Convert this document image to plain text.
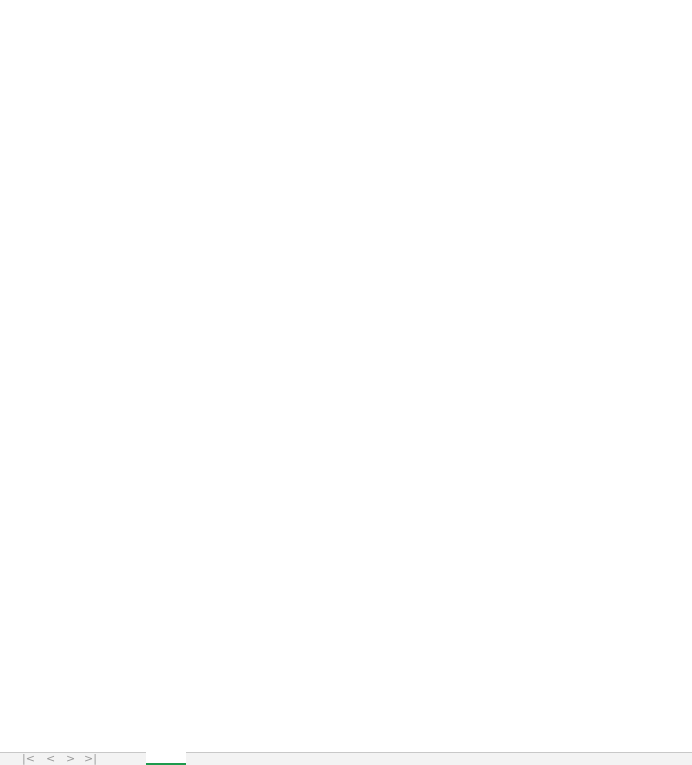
|< < > >|
